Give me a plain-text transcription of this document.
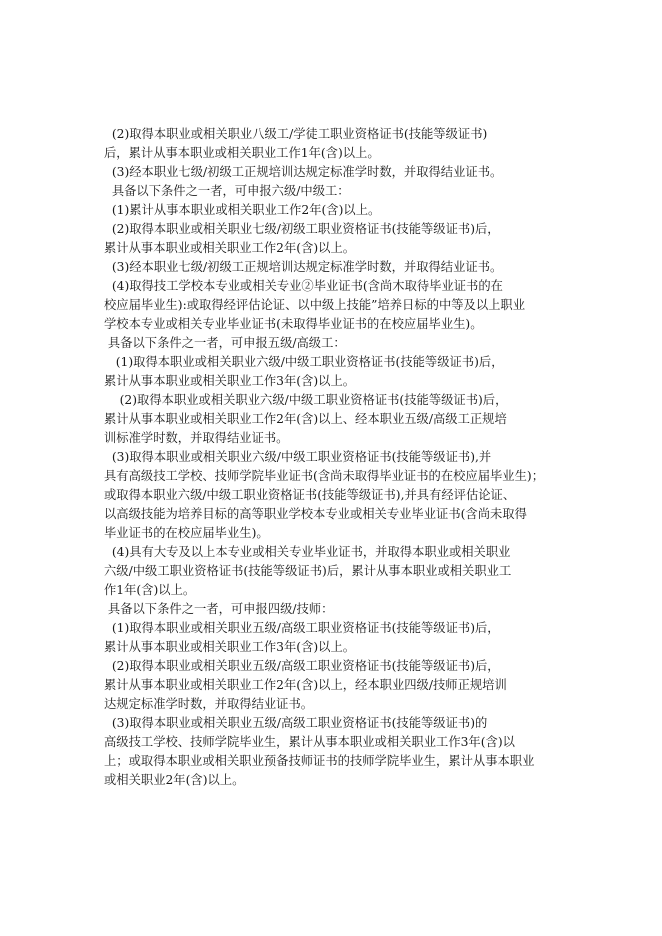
(2)取得本职业或相关职业八级工/学徒工职业资格证书(技能等级证书)

后，累计从事本职业或相关职业工作1年(含)以上。

(3)经本职业七级/初级工正规培训达规定标准学时数，并取得结业证书。

具备以下条件之一者，可申报六级/中级工：

(1)累计从事本职业或相关职业工作2年(含)以上。

(2)取得本职业或相关职业七级/初级工职业资格证书(技能等级证书)后，

累计从事本职业或相关职业工作2年(含)以上。

(3)经本职业七级/初级工正规培训达规定标准学时数，并取得结业证书。

(4)取得技工学校本专业或相关专业②毕业证书(含尚木取待毕业证书的在

校应届毕业生):或取得经评估论证、以中级上技能”培养日标的中等及以上职业

学校本专业或相关专业毕业证书(未取得毕业证书的在校应届毕业生)。

具备以下条件之一者，可申报五级/高级工：

(1)取得本职业或相关职业六级/中级工职业资格证书(技能等级证书)后，

累计从事本职业或相关职业工作3年(含)以上。

(2)取得本职业或相关职业六级/中级工职业资格证书(技能等级证书)后，

累计从事本职业或相关职业工作2年(含)以上、经本职业五级/高级工正规培

训标准学时数，并取得结业证书。

(3)取得本职业或相关职业六级/中级工职业资格证书(技能等级证书),并

具有高级技工学校、技师学院毕业证书(含尚未取得毕业证书的在校应届毕业生)；

或取得本职业六级/中级工职业资格证书(技能等级证书),并具有经评估论证、

以高级技能为培养目标的高等职业学校本专业或相关专业毕业证书(含尚未取得

毕业证书的在校应届毕业生)。

(4)具有大专及以上本专业或相关专业毕业证书，并取得本职业或相关职业

六级/中级工职业资格证书(技能等级证书)后，累计从事本职业或相关职业工

作1年(含)以上。

具备以下条件之一者，可申报四级/技师：

(1)取得本职业或相关职业五级/高级工职业资格证书(技能等级证书)后，

累计从事本职业或相关职业工作3年(含)以上。

(2)取得本职业或相关职业五级/高级工职业资格证书(技能等级证书)后，

累计从事本职业或相关职业工作2年(含)以上，经本职业四级/技师正规培训

达规定标准学时数，并取得结业证书。

(3)取得本职业或相关职业五级/高级工职业资格证书(技能等级证书)的

高级技工学校、技师学院毕业生，累计从事本职业或相关职业工作3年(含)以

上；或取得本职业或相关职业预备技师证书的技师学院毕业生，累计从事本职业

或相关职业2年(含)以上。
